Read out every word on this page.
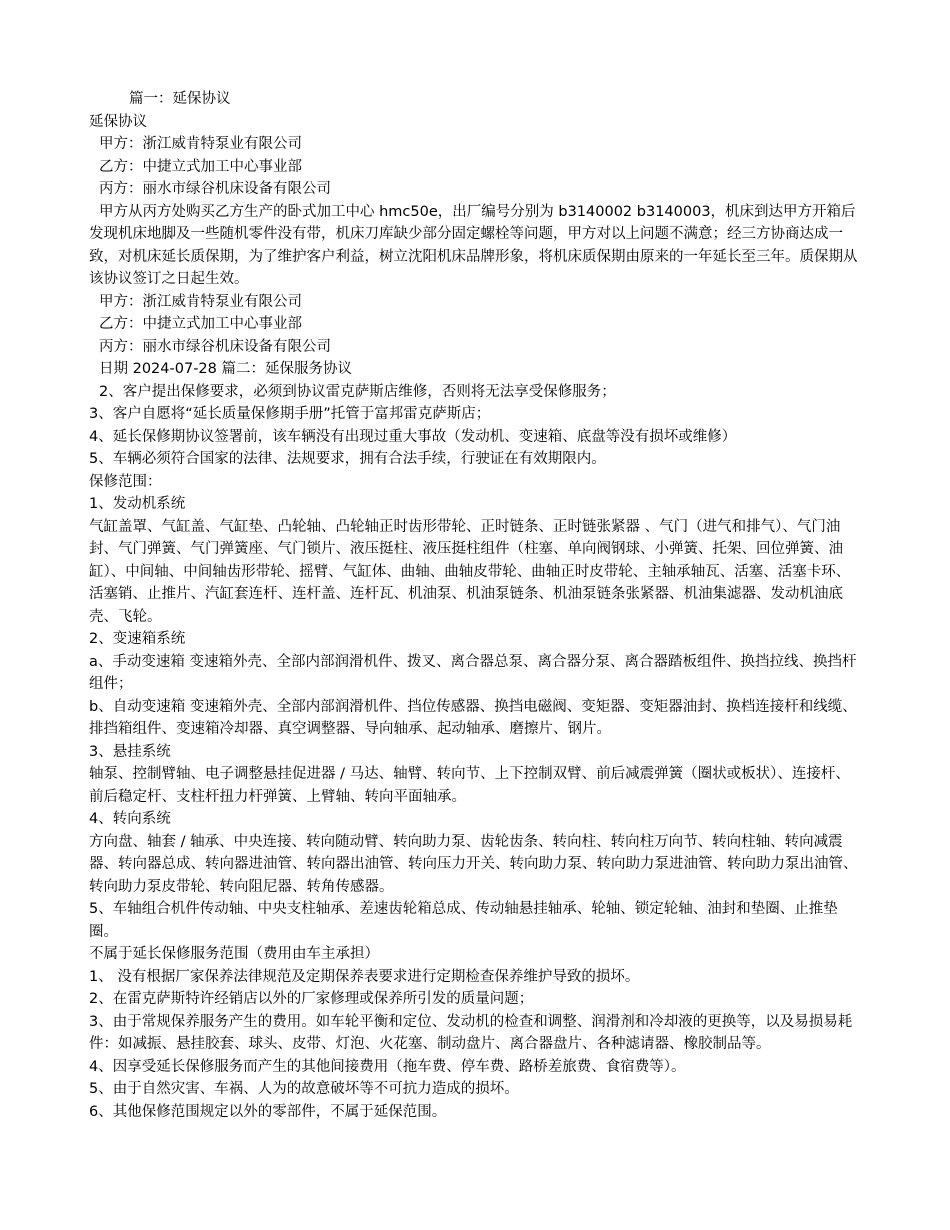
篇一：延保协议
延保协议
甲方：浙江威肯特泵业有限公司
乙方：中捷立式加工中心事业部
丙方：丽水市绿谷机床设备有限公司
甲方从丙方处购买乙方生产的卧式加工中心 hmc50e，出厂编号分别为 b3140002 b3140003，机床到达甲方开箱后发现机床地脚及一些随机零件没有带，机床刀库缺少部分固定螺栓等问题，甲方对以上问题不满意；经三方协商达成一致，对机床延长质保期，为了维护客户利益，树立沈阳机床品牌形象，将机床质保期由原来的一年延长至三年。质保期从该协议签订之日起生效。
甲方：浙江威肯特泵业有限公司
乙方：中捷立式加工中心事业部
丙方：丽水市绿谷机床设备有限公司
日期 2024-07-28 篇二：延保服务协议
2、客户提出保修要求，必须到协议雷克萨斯店维修，否则将无法享受保修服务；
3、客户自愿将“延长质量保修期手册”托管于富邦雷克萨斯店；
4、延长保修期协议签署前，该车辆没有出现过重大事故（发动机、变速箱、底盘等没有损坏或维修）
5、车辆必须符合国家的法律、法规要求，拥有合法手续，行驶证在有效期限内。
保修范围：
1、发动机系统
气缸盖罩、气缸盖、气缸垫、凸轮轴、凸轮轴正时齿形带轮、正时链条、正时链张紧器 、气门（进气和排气）、气门油封、气门弹簧、气门弹簧座、气门锁片、液压挺柱、液压挺柱组件（柱塞、单向阀钢球、小弹簧、托架、回位弹簧、油缸）、中间轴、中间轴齿形带轮、摇臂、气缸体、曲轴、曲轴皮带轮、曲轴正时皮带轮、主轴承轴瓦、活塞、活塞卡环、活塞销、止推片、汽缸套连杆、连杆盖、连杆瓦、机油泵、机油泵链条、机油泵链条张紧器、机油集滤器、发动机油底壳、飞轮。
2、变速箱系统
a、手动变速箱 变速箱外壳、全部内部润滑机件、拨叉、离合器总泵、离合器分泵、离合器踏板组件、换挡拉线、换挡杆组件；
b、自动变速箱 变速箱外壳、全部内部润滑机件、挡位传感器、换挡电磁阀、变矩器、变矩器油封、换档连接杆和线缆、排挡箱组件、变速箱冷却器、真空调整器、导向轴承、起动轴承、磨擦片、钢片。
3、悬挂系统
轴泵、控制臂轴、电子调整悬挂促进器 / 马达、轴臂、转向节、上下控制双臂、前后减震弹簧（圈状或板状）、连接杆、前后稳定杆、支柱杆扭力杆弹簧、上臂轴、转向平面轴承。
4、转向系统
方向盘、轴套 / 轴承、中央连接、转向随动臂、转向助力泵、齿轮齿条、转向柱、转向柱万向节、转向柱轴、转向减震器、转向器总成、转向器进油管、转向器出油管、转向压力开关、转向助力泵、转向助力泵进油管、转向助力泵出油管、转向助力泵皮带轮、转向阻尼器、转角传感器。
5、车轴组合机件传动轴、中央支柱轴承、差速齿轮箱总成、传动轴悬挂轴承、轮轴、锁定轮轴、油封和垫圈、止推垫圈。
不属于延长保修服务范围（费用由车主承担）
1、 没有根据厂家保养法律规范及定期保养表要求进行定期检查保养维护导致的损坏。
2、在雷克萨斯特许经销店以外的厂家修理或保养所引发的质量问题；
3、由于常规保养服务产生的费用。如车轮平衡和定位、发动机的检查和调整、润滑剂和冷却液的更换等，以及易损易耗件：如减振、悬挂胶套、球头、皮带、灯泡、火花塞、制动盘片、离合器盘片、各种滤请器、橡胶制品等。
4、因享受延长保修服务而产生的其他间接费用（拖车费、停车费、路桥差旅费、食宿费等）。
5、由于自然灾害、车祸、人为的故意破坏等不可抗力造成的损坏。
6、其他保修范围规定以外的零部件，不属于延保范围。
